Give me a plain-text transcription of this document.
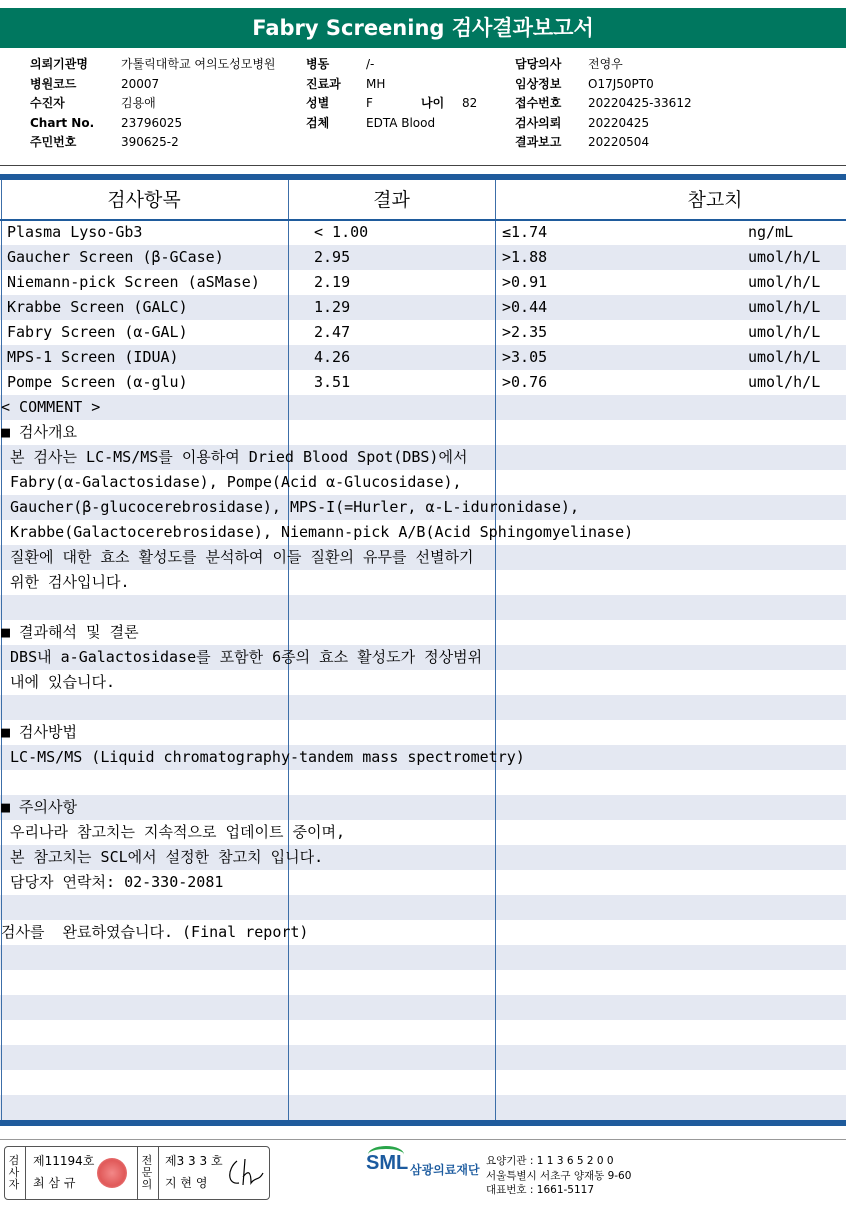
Fabry Screening 검사결과보고서
의뢰기관명	가톨릭대학교 여의도성모병원
병원코드	20007
수진자	김용애
Chart No. 23796025
주민번호	390625-2
병동	/-
진료과 MH
성별	F
검체	EDTA Blood
담당의사 전영우
임상정보 O17J50PT0
접수번호 20220425-33612
검사의뢰 20220425
결과보고 20220504
나이 82
검사항목	결과	참고치
Plasma Lyso-Gb3	< 1.00	≤1.74	ng/mL
Gaucher Screen (β-GCase)	2.95	>1.88	umol/h/L
Niemann-pick Screen (aSMase)	2.19	>0.91	umol/h/L
Krabbe Screen (GALC)	1.29	>0.44	umol/h/L
Fabry Screen (α-GAL)	2.47	>2.35	umol/h/L
MPS-1 Screen (IDUA)	4.26	>3.05	umol/h/L
Pompe Screen (α-glu)	3.51	>0.76	umol/h/L
< COMMENT >
■ 검사개요
본 검사는 LC-MS/MS를 이용하여 Dried Blood Spot(DBS)에서
Fabry(α-Galactosidase), Pompe(Acid α-Glucosidase),
Gaucher(β-glucocerebrosidase), MPS-I(=Hurler, α-L-iduronidase),
Krabbe(Galactocerebrosidase), Niemann-pick A/B(Acid Sphingomyelinase)
질환에 대한 효소 활성도를 분석하여 이들 질환의 유무를 선별하기
위한 검사입니다.
■ 결과해석 및 결론
DBS내 a-Galactosidase를 포함한 6종의 효소 활성도가 정상범위
내에 있습니다.
■ 검사방법
LC-MS/MS (Liquid chromatography-tandem mass spectrometry)
■ 주의사항
우리나라 참고치는 지속적으로 업데이트 중이며,
본 참고치는 SCL에서 설정한 참고치 입니다.
담당자 연락처: 02-330-2081
검사를  완료하였습니다. (Final report)
검사자
제11194호
최 삼 규
전문의
제3 3 3 호
지 현 영
SML 삼광의료재단
요양기관 : 1 1 3 6 5 2 0 0
서울특별시 서초구 양재동 9-60
대표번호 : 1661-5117
